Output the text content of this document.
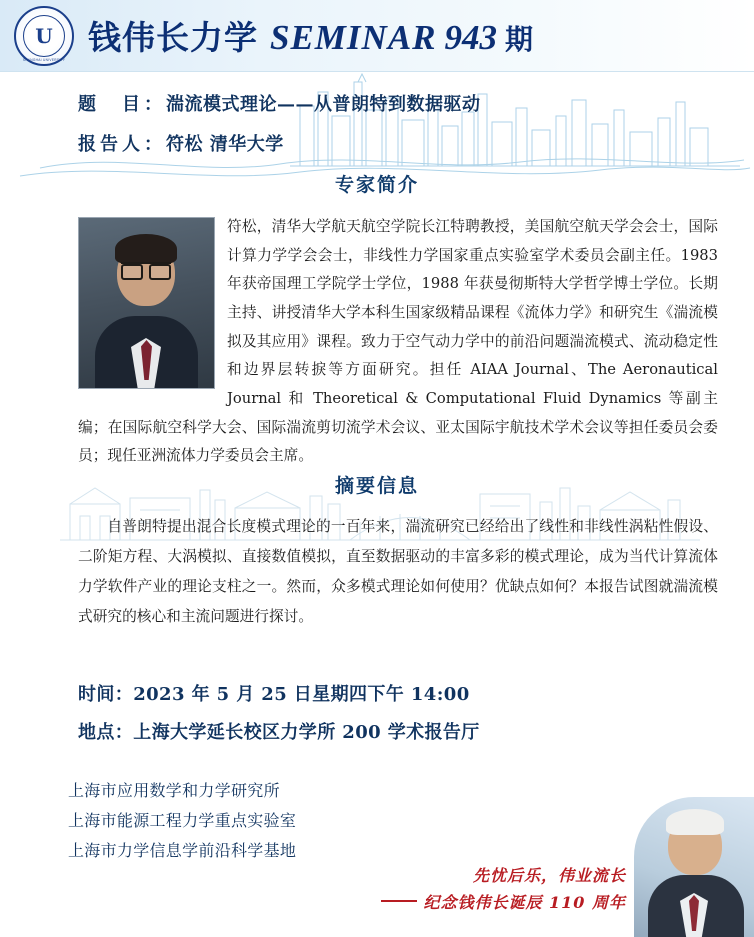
U
SHANGHAI UNIVERSITY
钱伟长力学 SEMINAR 943 期
题　目：湍流模式理论——从普朗特到数据驱动
报告人：符松 清华大学
专家简介
符松，清华大学航天航空学院长江特聘教授，美国航空航天学会会士，国际计算力学学会会士，非线性力学国家重点实验室学术委员会副主任。1983 年获帝国理工学院学士学位，1988 年获曼彻斯特大学哲学博士学位。长期主持、讲授清华大学本科生国家级精品课程《流体力学》和研究生《湍流模拟及其应用》课程。致力于空气动力学中的前沿问题湍流模式、流动稳定性和边界层转捩等方面研究。担任 AIAA Journal、The Aeronautical Journal 和 Theoretical & Computational Fluid Dynamics 等副主编；在国际航空科学大会、国际湍流剪切流学术会议、亚太国际宇航技术学术会议等担任委员会委员；现任亚洲流体力学委员会主席。
摘要信息
自普朗特提出混合长度模式理论的一百年来，湍流研究已经给出了线性和非线性涡粘性假设、二阶矩方程、大涡模拟、直接数值模拟，直至数据驱动的丰富多彩的模式理论，成为当代计算流体力学软件产业的理论支柱之一。然而，众多模式理论如何使用？优缺点如何？本报告试图就湍流模式研究的核心和主流问题进行探讨。
时间：2023 年 5 月 25 日星期四下午 14:00
地点：上海大学延长校区力学所 200 学术报告厅
上海市应用数学和力学研究所
上海市能源工程力学重点实验室
上海市力学信息学前沿科学基地
先忧后乐，伟业流长
纪念钱伟长诞辰 110 周年
